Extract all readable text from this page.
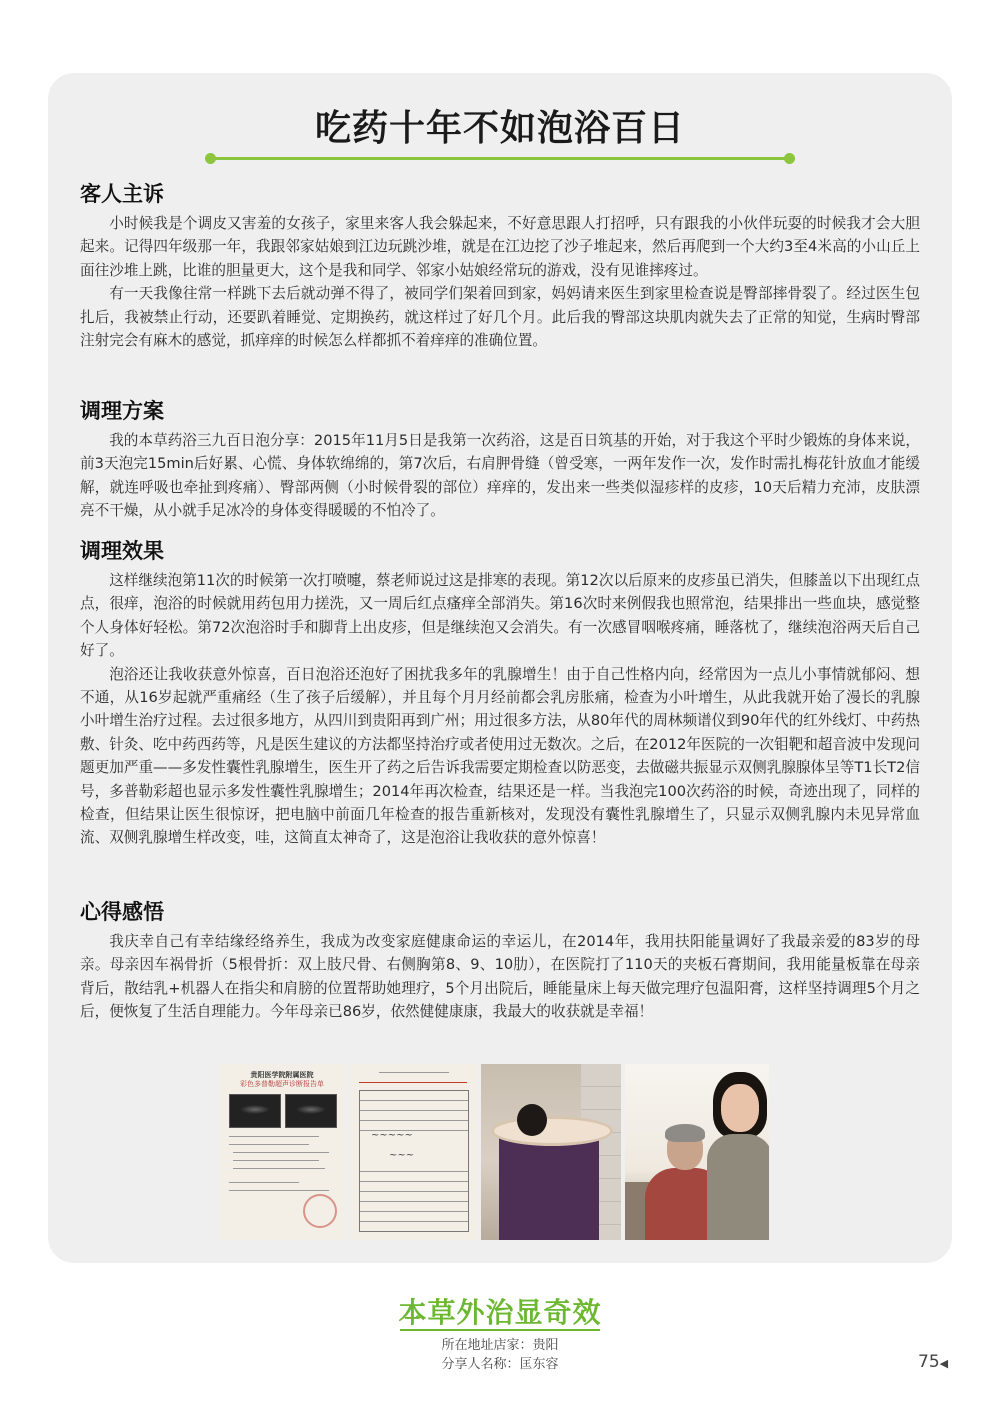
吃药十年不如泡浴百日
客人主诉

小时候我是个调皮又害羞的女孩子，家里来客人我会躲起来，不好意思跟人打招呼，只有跟我的小伙伴玩耍的时候我才会大胆起来。记得四年级那一年，我跟邻家姑娘到江边玩跳沙堆，就是在江边挖了沙子堆起来，然后再爬到一个大约3至4米高的小山丘上面往沙堆上跳，比谁的胆量更大，这个是我和同学、邻家小姑娘经常玩的游戏，没有见谁摔疼过。

有一天我像往常一样跳下去后就动弹不得了，被同学们架着回到家，妈妈请来医生到家里检查说是臀部摔骨裂了。经过医生包扎后，我被禁止行动，还要趴着睡觉、定期换药，就这样过了好几个月。此后我的臀部这块肌肉就失去了正常的知觉，生病时臀部注射完会有麻木的感觉，抓痒痒的时候怎么样都抓不着痒痒的准确位置。

调理方案

我的本草药浴三九百日泡分享：2015年11月5日是我第一次药浴，这是百日筑基的开始，对于我这个平时少锻炼的身体来说，前3天泡完15min后好累、心慌、身体软绵绵的，第7次后，右肩胛骨缝（曾受寒，一两年发作一次，发作时需扎梅花针放血才能缓解，就连呼吸也牵扯到疼痛）、臀部两侧（小时候骨裂的部位）痒痒的，发出来一些类似湿疹样的皮疹，10天后精力充沛，皮肤漂亮不干燥，从小就手足冰冷的身体变得暖暖的不怕冷了。

调理效果

这样继续泡第11次的时候第一次打喷嚏，蔡老师说过这是排寒的表现。第12次以后原来的皮疹虽已消失，但膝盖以下出现红点点，很痒，泡浴的时候就用药包用力搓洗，又一周后红点瘙痒全部消失。第16次时来例假我也照常泡，结果排出一些血块，感觉整个人身体好轻松。第72次泡浴时手和脚背上出皮疹，但是继续泡又会消失。有一次感冒咽喉疼痛，睡落枕了，继续泡浴两天后自己好了。

泡浴还让我收获意外惊喜，百日泡浴还泡好了困扰我多年的乳腺增生！由于自己性格内向，经常因为一点儿小事情就郁闷、想不通，从16岁起就严重痛经（生了孩子后缓解），并且每个月月经前都会乳房胀痛，检查为小叶增生，从此我就开始了漫长的乳腺小叶增生治疗过程。去过很多地方，从四川到贵阳再到广州；用过很多方法，从80年代的周林频谱仪到90年代的红外线灯、中药热敷、针灸、吃中药西药等，凡是医生建议的方法都坚持治疗或者使用过无数次。之后，在2012年医院的一次钼靶和超音波中发现问题更加严重——多发性囊性乳腺增生，医生开了药之后告诉我需要定期检查以防恶变，去做磁共振显示双侧乳腺腺体呈等T1长T2信号，多普勒彩超也显示多发性囊性乳腺增生；2014年再次检查，结果还是一样。当我泡完100次药浴的时候，奇迹出现了，同样的检查，但结果让医生很惊讶，把电脑中前面几年检查的报告重新核对，发现没有囊性乳腺增生了，只显示双侧乳腺内未见异常血流、双侧乳腺增生样改变，哇，这简直太神奇了，这是泡浴让我收获的意外惊喜！

心得感悟

我庆幸自己有幸结缘经络养生，我成为改变家庭健康命运的幸运儿，在2014年，我用扶阳能量调好了我最亲爱的83岁的母亲。母亲因车祸骨折（5根骨折：双上肢尺骨、右侧胸第8、9、10肋），在医院打了110天的夹板石膏期间，我用能量板靠在母亲背后，散结乳+机器人在指尖和肩膀的位置帮助她理疗，5个月出院后，睡能量床上每天做完理疗包温阳膏，这样坚持调理5个月之后，便恢复了生活自理能力。今年母亲已86岁，依然健健康康，我最大的收获就是幸福！

贵阳医学院附属医院
彩色多普勒超声诊断报告单
~~~~~
~~~
本草外治显奇效
所在地址店家：贵阳
分享人名称：匡东容	75◀
